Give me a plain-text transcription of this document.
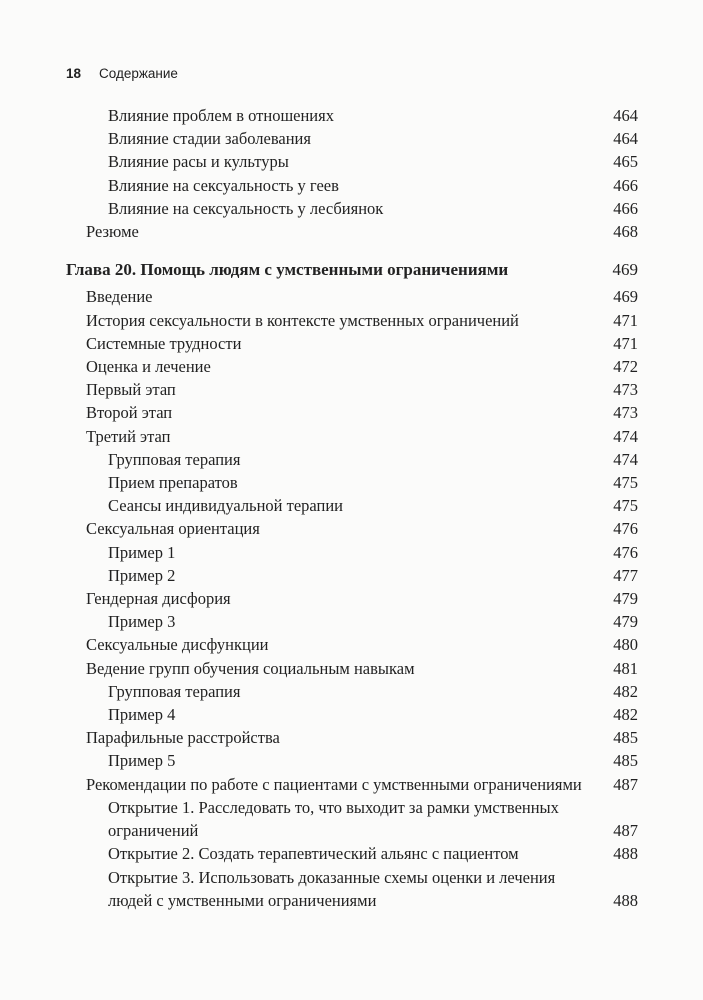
18 Содержание
Влияние проблем в отношениях	464
Влияние стадии заболевания	464
Влияние расы и культуры	465
Влияние на сексуальность у геев	466
Влияние на сексуальность у лесбиянок	466
Резюме	468
Глава 20. Помощь людям с умственными ограничениями	469
Введение	469
История сексуальности в контексте умственных ограничений	471
Системные трудности	471
Оценка и лечение	472
Первый этап	473
Второй этап	473
Третий этап	474
Групповая терапия	474
Прием препаратов	475
Сеансы индивидуальной терапии	475
Сексуальная ориентация	476
Пример 1	476
Пример 2	477
Гендерная дисфория	479
Пример 3	479
Сексуальные дисфункции	480
Ведение групп обучения социальным навыкам	481
Групповая терапия	482
Пример 4	482
Парафильные расстройства	485
Пример 5	485
Рекомендации по работе с пациентами с умственными ограничениями	487
Открытие 1. Расследовать то, что выходит за рамки умственных ограничений	487
Открытие 2. Создать терапевтический альянс с пациентом	488
Открытие 3. Использовать доказанные схемы оценки и лечения людей с умственными ограничениями	488
